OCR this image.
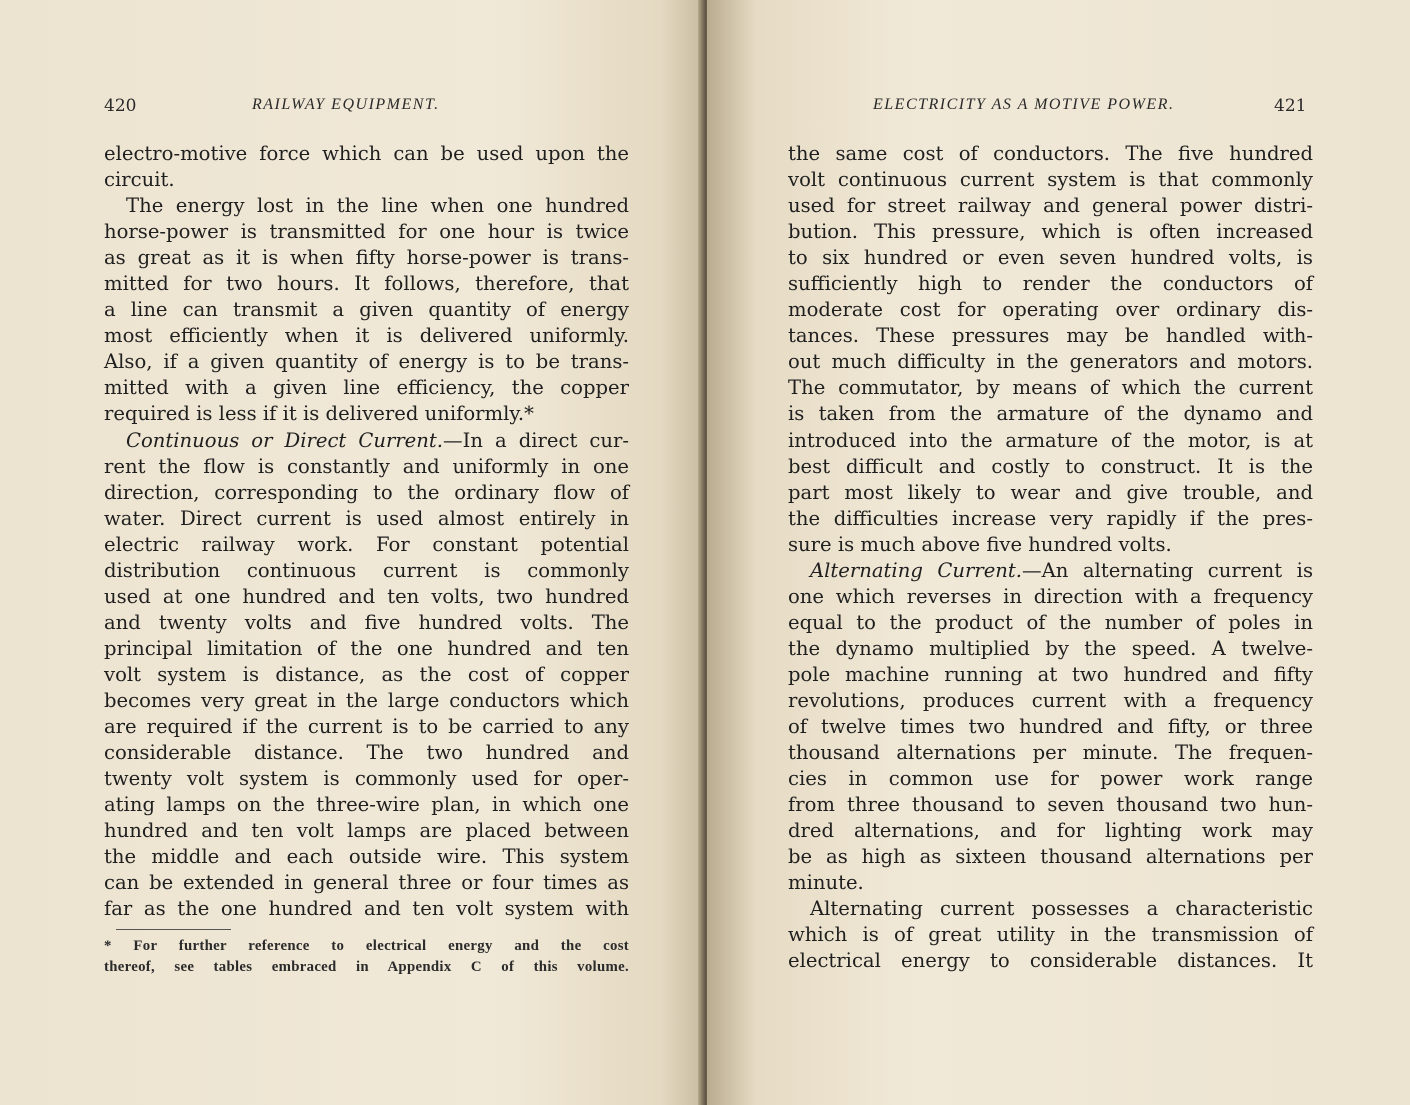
420	RAILWAY EQUIPMENT.
electro-motive force which can be used upon the
circuit.
The energy lost in the line when one hundred
horse-power is transmitted for one hour is twice
as great as it is when fifty horse-power is trans-
mitted for two hours. It follows, therefore, that
a line can transmit a given quantity of energy
most efficiently when it is delivered uniformly.
Also, if a given quantity of energy is to be trans-
mitted with a given line efficiency, the copper
required is less if it is delivered uniformly.*
Continuous or Direct Current.—In a direct cur-
rent the flow is constantly and uniformly in one
direction, corresponding to the ordinary flow of
water. Direct current is used almost entirely in
electric railway work. For constant potential
distribution continuous current is commonly
used at one hundred and ten volts, two hundred
and twenty volts and five hundred volts. The
principal limitation of the one hundred and ten
volt system is distance, as the cost of copper
becomes very great in the large conductors which
are required if the current is to be carried to any
considerable distance. The two hundred and
twenty volt system is commonly used for oper-
ating lamps on the three-wire plan, in which one
hundred and ten volt lamps are placed between
the middle and each outside wire. This system
can be extended in general three or four times as
far as the one hundred and ten volt system with
* For further reference to electrical energy and the cost
thereof, see tables embraced in Appendix C of this volume.
ELECTRICITY AS A MOTIVE POWER.	421
the same cost of conductors. The five hundred
volt continuous current system is that commonly
used for street railway and general power distri-
bution. This pressure, which is often increased
to six hundred or even seven hundred volts, is
sufficiently high to render the conductors of
moderate cost for operating over ordinary dis-
tances. These pressures may be handled with-
out much difficulty in the generators and motors.
The commutator, by means of which the current
is taken from the armature of the dynamo and
introduced into the armature of the motor, is at
best difficult and costly to construct. It is the
part most likely to wear and give trouble, and
the difficulties increase very rapidly if the pres-
sure is much above five hundred volts.
Alternating Current.—An alternating current is
one which reverses in direction with a frequency
equal to the product of the number of poles in
the dynamo multiplied by the speed. A twelve-
pole machine running at two hundred and fifty
revolutions, produces current with a frequency
of twelve times two hundred and fifty, or three
thousand alternations per minute. The frequen-
cies in common use for power work range
from three thousand to seven thousand two hun-
dred alternations, and for lighting work may
be as high as sixteen thousand alternations per
minute.
Alternating current possesses a characteristic
which is of great utility in the transmission of
electrical energy to considerable distances. It
